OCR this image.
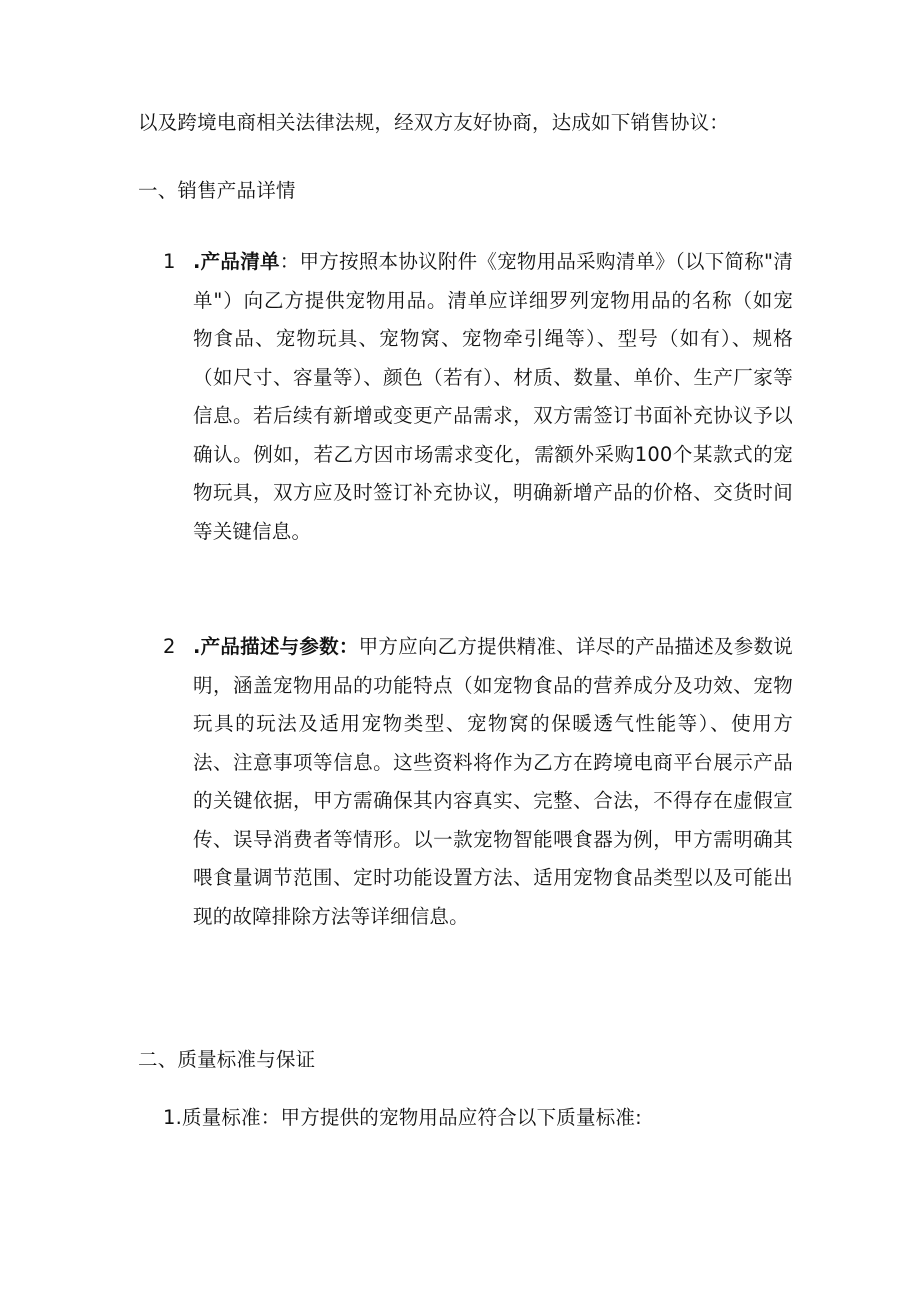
以及跨境电商相关法律法规，经双方友好协商，达成如下销售协议：
一、销售产品详情
1 .产品清单：甲方按照本协议附件《宠物用品采购清单》（以下简称"清单"）向乙方提供宠物用品。清单应详细罗列宠物用品的名称（如宠物食品、宠物玩具、宠物窝、宠物牵引绳等）、型号（如有）、规格（如尺寸、容量等）、颜色（若有）、材质、数量、单价、生产厂家等信息。若后续有新增或变更产品需求，双方需签订书面补充协议予以确认。例如，若乙方因市场需求变化，需额外采购100个某款式的宠物玩具，双方应及时签订补充协议，明确新增产品的价格、交货时间等关键信息。
2 .产品描述与参数：甲方应向乙方提供精准、详尽的产品描述及参数说明，涵盖宠物用品的功能特点（如宠物食品的营养成分及功效、宠物玩具的玩法及适用宠物类型、宠物窝的保暖透气性能等）、使用方法、注意事项等信息。这些资料将作为乙方在跨境电商平台展示产品的关键依据，甲方需确保其内容真实、完整、合法，不得存在虚假宣传、误导消费者等情形。以一款宠物智能喂食器为例，甲方需明确其喂食量调节范围、定时功能设置方法、适用宠物食品类型以及可能出现的故障排除方法等详细信息。
二、质量标准与保证
1.质量标准：甲方提供的宠物用品应符合以下质量标准:
